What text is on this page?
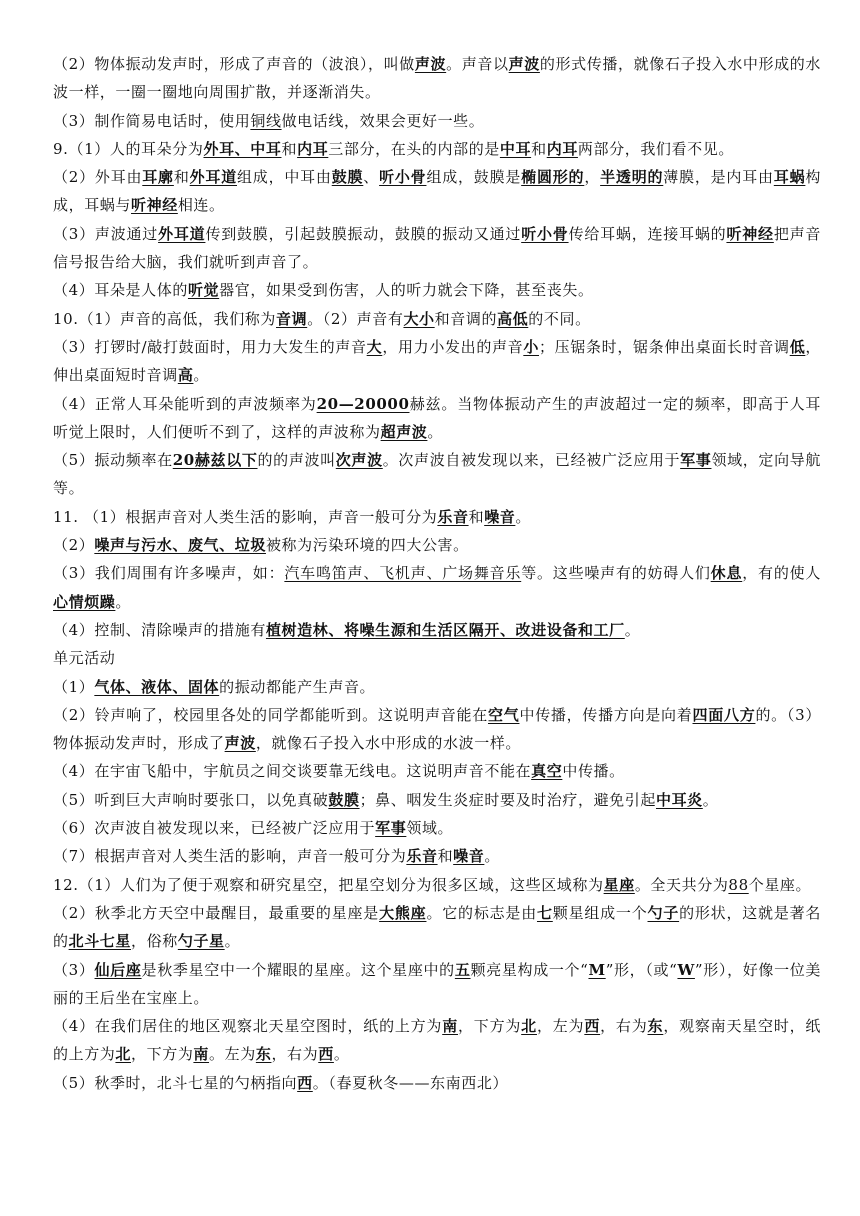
（2）物体振动发声时，形成了声音的（波浪），叫做声波。声音以声波的形式传播，就像石子投入水中形成的水波一样，一圈一圈地向周围扩散，并逐渐消失。

（3）制作简易电话时，使用铜线做电话线，效果会更好一些。

9.（1）人的耳朵分为外耳、中耳和内耳三部分，在头的内部的是中耳和内耳两部分，我们看不见。

（2）外耳由耳廓和外耳道组成，中耳由鼓膜、听小骨组成，鼓膜是椭圆形的，半透明的薄膜，是内耳由耳蜗构成，耳蜗与听神经相连。

（3）声波通过外耳道传到鼓膜，引起鼓膜振动，鼓膜的振动又通过听小骨传给耳蜗，连接耳蜗的听神经把声音信号报告给大脑，我们就听到声音了。

（4）耳朵是人体的听觉器官，如果受到伤害，人的听力就会下降，甚至丧失。

10.（1）声音的高低，我们称为音调。（2）声音有大小和音调的高低的不同。

（3）打锣时/敲打鼓面时，用力大发生的声音大，用力小发出的声音小；压锯条时，锯条伸出桌面长时音调低，伸出桌面短时音调高。

（4）正常人耳朵能听到的声波频率为20—20000赫兹。当物体振动产生的声波超过一定的频率，即高于人耳听觉上限时，人们便听不到了，这样的声波称为超声波。

（5）振动频率在20赫兹以下的的声波叫次声波。次声波自被发现以来，已经被广泛应用于军事领域，定向导航等。

11. （1）根据声音对人类生活的影响，声音一般可分为乐音和噪音。

（2）噪声与污水、废气、垃圾被称为污染环境的四大公害。

（3）我们周围有许多噪声，如：汽车鸣笛声、飞机声、广场舞音乐等。这些噪声有的妨碍人们休息，有的使人心情烦躁。

（4）控制、清除噪声的措施有植树造林、将噪生源和生活区隔开、改进设备和工厂。

单元活动

（1）气体、液体、固体的振动都能产生声音。

（2）铃声响了，校园里各处的同学都能听到。这说明声音能在空气中传播，传播方向是向着四面八方的。（3）物体振动发声时，形成了声波，就像石子投入水中形成的水波一样。

（4）在宇宙飞船中，宇航员之间交谈要靠无线电。这说明声音不能在真空中传播。

（5）听到巨大声响时要张口，以免真破鼓膜；鼻、咽发生炎症时要及时治疗，避免引起中耳炎。

（6）次声波自被发现以来，已经被广泛应用于军事领域。

（7）根据声音对人类生活的影响，声音一般可分为乐音和噪音。

12.（1）人们为了便于观察和研究星空，把星空划分为很多区域，这些区域称为星座。全天共分为88个星座。

（2）秋季北方天空中最醒目，最重要的星座是大熊座。它的标志是由七颗星组成一个勺子的形状，这就是著名的北斗七星，俗称勺子星。

（3）仙后座是秋季星空中一个耀眼的星座。这个星座中的五颗亮星构成一个“M”形，（或“W”形），好像一位美丽的王后坐在宝座上。

（4）在我们居住的地区观察北天星空图时，纸的上方为南，下方为北，左为西，右为东，观察南天星空时，纸的上方为北，下方为南。左为东，右为西。

（5）秋季时，北斗七星的勺柄指向西。（春夏秋冬——东南西北）
